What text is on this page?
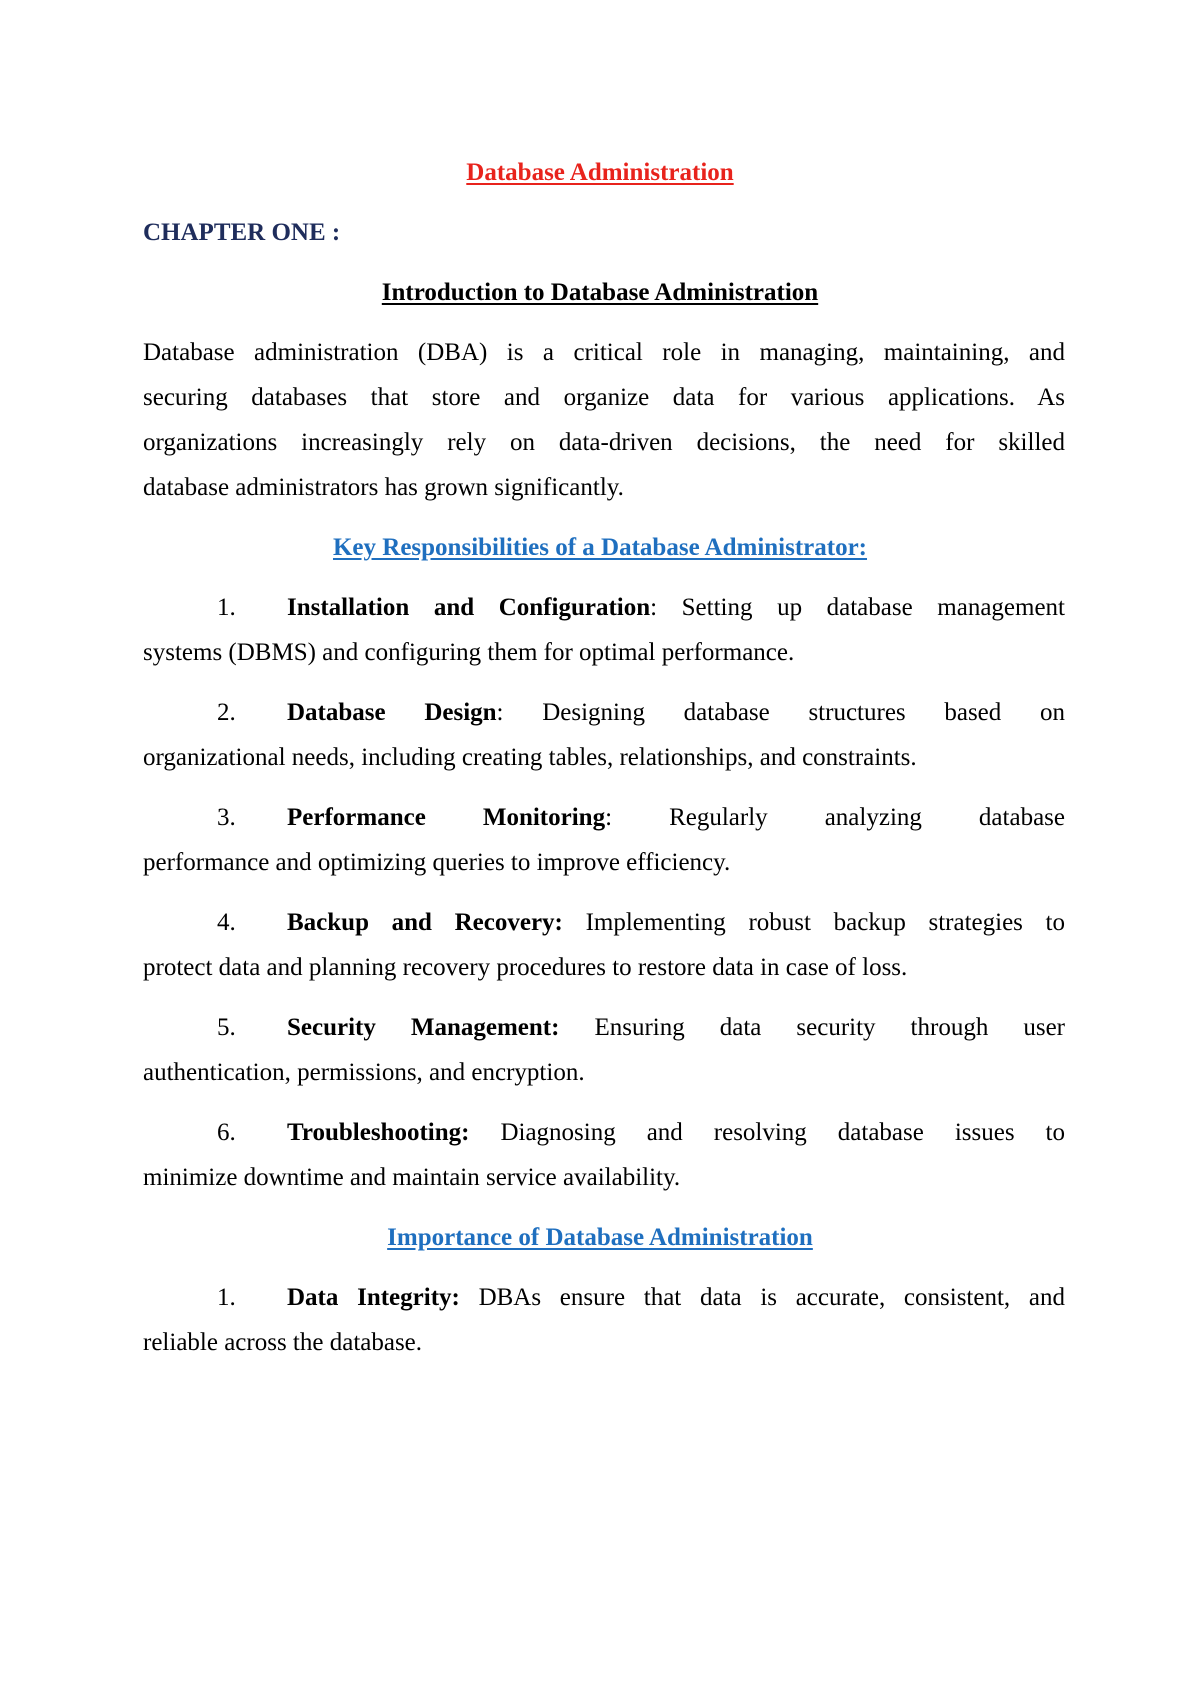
Database Administration
CHAPTER ONE :
Introduction to Database Administration
Database administration (DBA) is a critical role in managing, maintaining, and
securing databases that store and organize data for various applications. As
organizations increasingly rely on data-driven decisions, the need for skilled
database administrators has grown significantly.
Key Responsibilities of a Database Administrator:
1. Installation and Configuration: Setting up database management
systems (DBMS) and configuring them for optimal performance.
2. Database Design: Designing database structures based on
organizational needs, including creating tables, relationships, and constraints.
3. Performance Monitoring: Regularly analyzing database
performance and optimizing queries to improve efficiency.
4. Backup and Recovery: Implementing robust backup strategies to
protect data and planning recovery procedures to restore data in case of loss.
5. Security Management: Ensuring data security through user
authentication, permissions, and encryption.
6. Troubleshooting: Diagnosing and resolving database issues to
minimize downtime and maintain service availability.
Importance of Database Administration
1. Data Integrity: DBAs ensure that data is accurate, consistent, and
reliable across the database.
